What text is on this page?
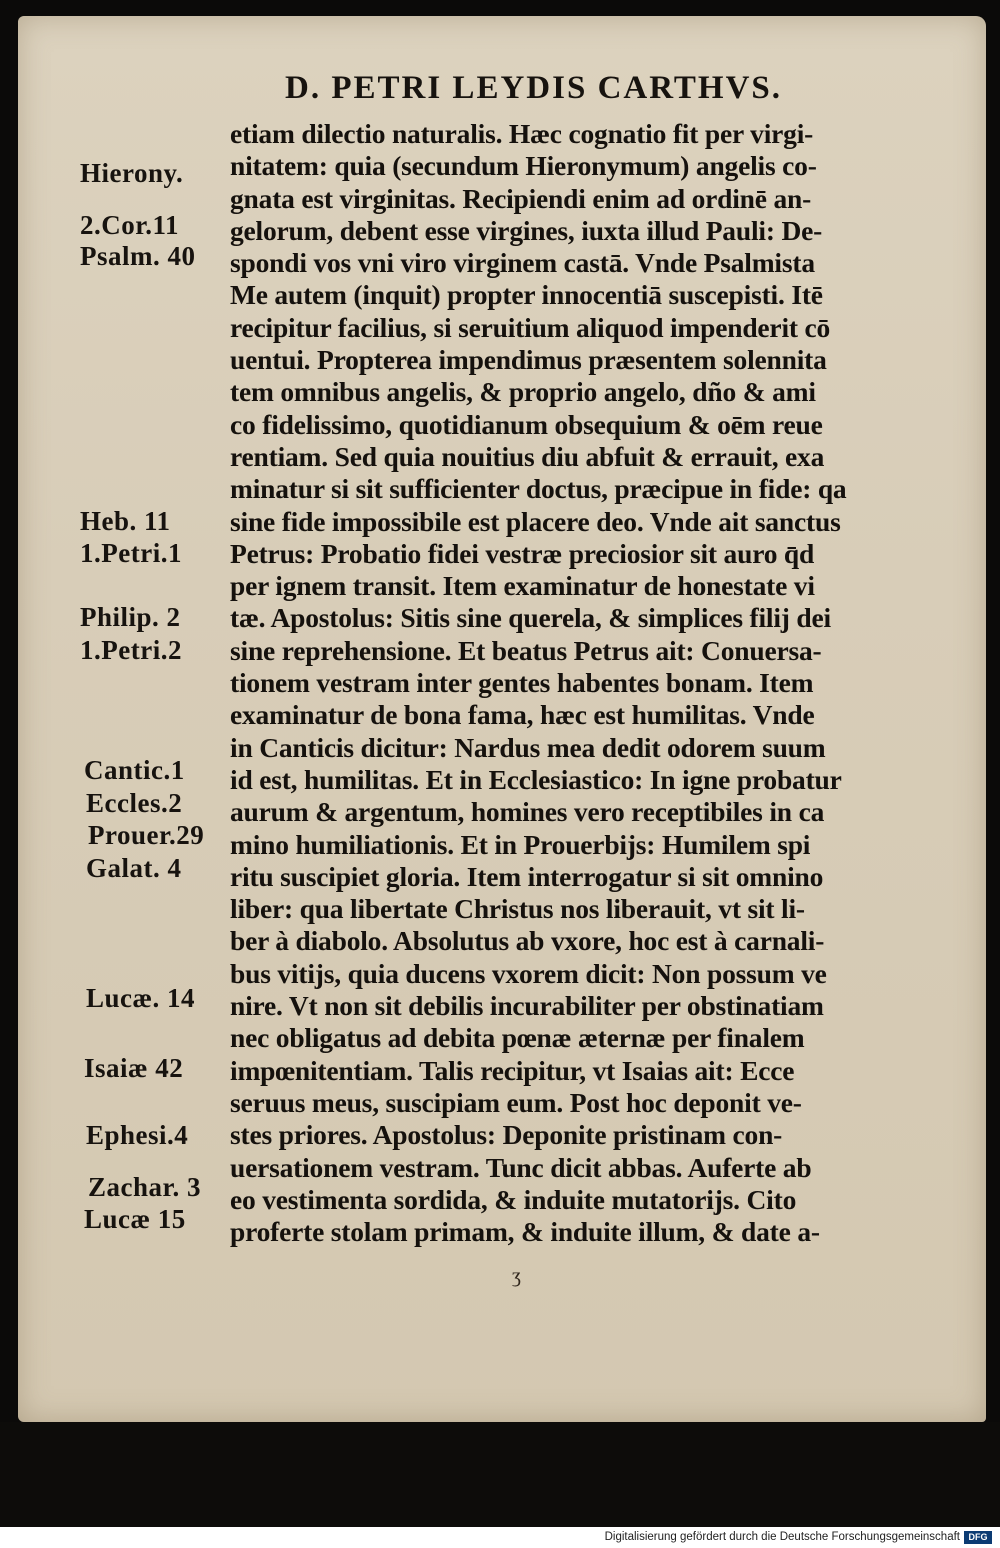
D. PETRI LEYDIS CARTHVS.
etiam dilectio naturalis. Hæc cognatio fit per virgi-
nitatem: quia (secundum Hieronymum) angelis co-
gnata est virginitas. Recipiendi enim ad ordinē an-
gelorum, debent esse virgines, iuxta illud Pauli: De-
spondi vos vni viro virginem castā. Vnde Psalmista
Me autem (inquit) propter innocentiā suscepisti. Itē
recipitur facilius, si seruitium aliquod impenderit cō
uentui. Propterea impendimus præsentem solennita
tem omnibus angelis, & proprio angelo, dño & ami
co fidelissimo, quotidianum obsequium & oēm reue
rentiam. Sed quia nouitius diu abfuit & errauit, exa
minatur si sit sufficienter doctus, præcipue in fide: qa
sine fide impossibile est placere deo. Vnde ait sanctus
Petrus: Probatio fidei vestræ preciosior sit auro q̄d
per ignem transit. Item examinatur de honestate vi
tæ. Apostolus: Sitis sine querela, & simplices filij dei
sine reprehensione. Et beatus Petrus ait: Conuersa-
tionem vestram inter gentes habentes bonam. Item
examinatur de bona fama, hæc est humilitas. Vnde
in Canticis dicitur: Nardus mea dedit odorem suum
id est, humilitas. Et in Ecclesiastico: In igne probatur
aurum & argentum, homines vero receptibiles in ca
mino humiliationis. Et in Prouerbijs: Humilem spi
ritu suscipiet gloria. Item interrogatur si sit omnino
liber: qua libertate Christus nos liberauit, vt sit li-
ber à diabolo. Absolutus ab vxore, hoc est à carnali-
bus vitijs, quia ducens vxorem dicit: Non possum ve
nire. Vt non sit debilis incurabiliter per obstinatiam
nec obligatus ad debita pœnæ æternæ per finalem
impœnitentiam. Talis recipitur, vt Isaias ait: Ecce
seruus meus, suscipiam eum. Post hoc deponit ve-
stes priores. Apostolus: Deponite pristinam con-
uersationem vestram. Tunc dicit abbas. Auferte ab
eo vestimenta sordida, & induite mutatorijs. Cito
proferte stolam primam, & induite illum, & date a-
Hierony.
2.Cor.11
Psalm. 40
Heb. 11
1.Petri.1
Philip. 2
1.Petri.2
Cantic.1
Eccles.2
Prouer.29
Galat. 4
Lucæ. 14
Isaiæ 42
Ephesi.4
Zachar. 3
Lucæ 15
ʒ
Digitalisierung gefördert durch die Deutsche Forschungsgemeinschaft DFG
